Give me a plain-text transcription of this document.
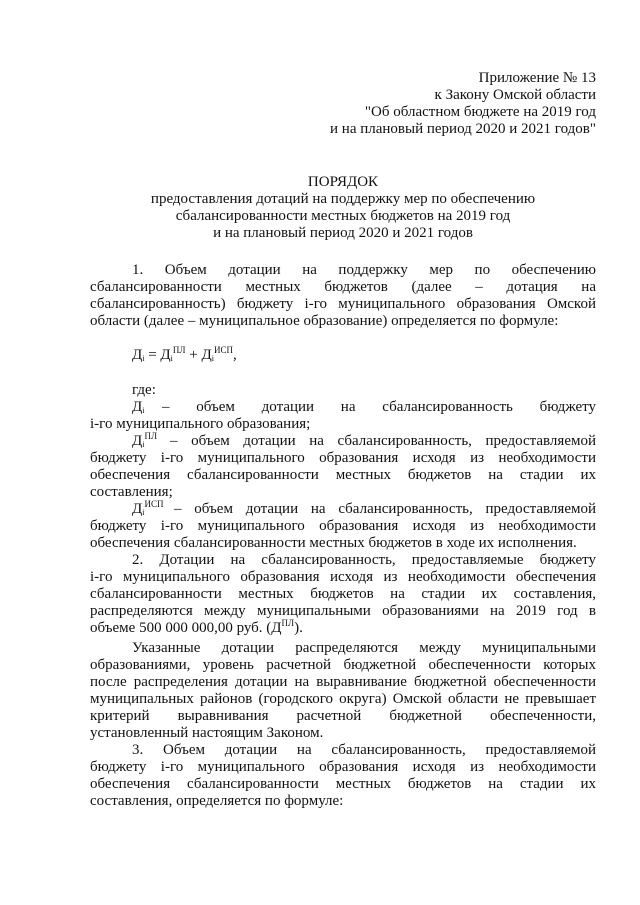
Приложение № 13
к Закону Омской области
"Об областном бюджете на 2019 год
и на плановый период 2020 и 2021 годов"
ПОРЯДОК
предоставления дотаций на поддержку мер по обеспечению
сбалансированности местных бюджетов на 2019 год
и на плановый период 2020 и 2021 годов
1. Объем дотации на поддержку мер по обеспечению
сбалансированности местных бюджетов (далее – дотация на
сбалансированность) бюджету i-го муниципального образования Омской
области (далее – муниципальное образование) определяется по формуле:
$Д_i = Д_i^{ПЛ} + Д_i^{ИСП}$,
где:
$Д_i$ – объем дотации на сбалансированность бюджету
i-го муниципального образования;
$Д_i^{ПЛ}$ – объем дотации на сбалансированность, предоставляемой
бюджету i-го муниципального образования исходя из необходимости
обеспечения сбалансированности местных бюджетов на стадии их
составления;
$Д_i^{ИСП}$ – объем дотации на сбалансированность, предоставляемой
бюджету i-го муниципального образования исходя из необходимости
обеспечения сбалансированности местных бюджетов в ходе их исполнения.
2. Дотации на сбалансированность, предоставляемые бюджету
i-го муниципального образования исходя из необходимости обеспечения
сбалансированности местных бюджетов на стадии их составления,
распределяются между муниципальными образованиями на 2019 год в
объеме 500 000 000,00 руб. $(Д^{ПЛ})$.
Указанные дотации распределяются между муниципальными
образованиями, уровень расчетной бюджетной обеспеченности которых
после распределения дотации на выравнивание бюджетной обеспеченности
муниципальных районов (городского округа) Омской области не превышает
критерий выравнивания расчетной бюджетной обеспеченности,
установленный настоящим Законом.
3. Объем дотации на сбалансированность, предоставляемой
бюджету i-го муниципального образования исходя из необходимости
обеспечения сбалансированности местных бюджетов на стадии их
составления, определяется по формуле:
